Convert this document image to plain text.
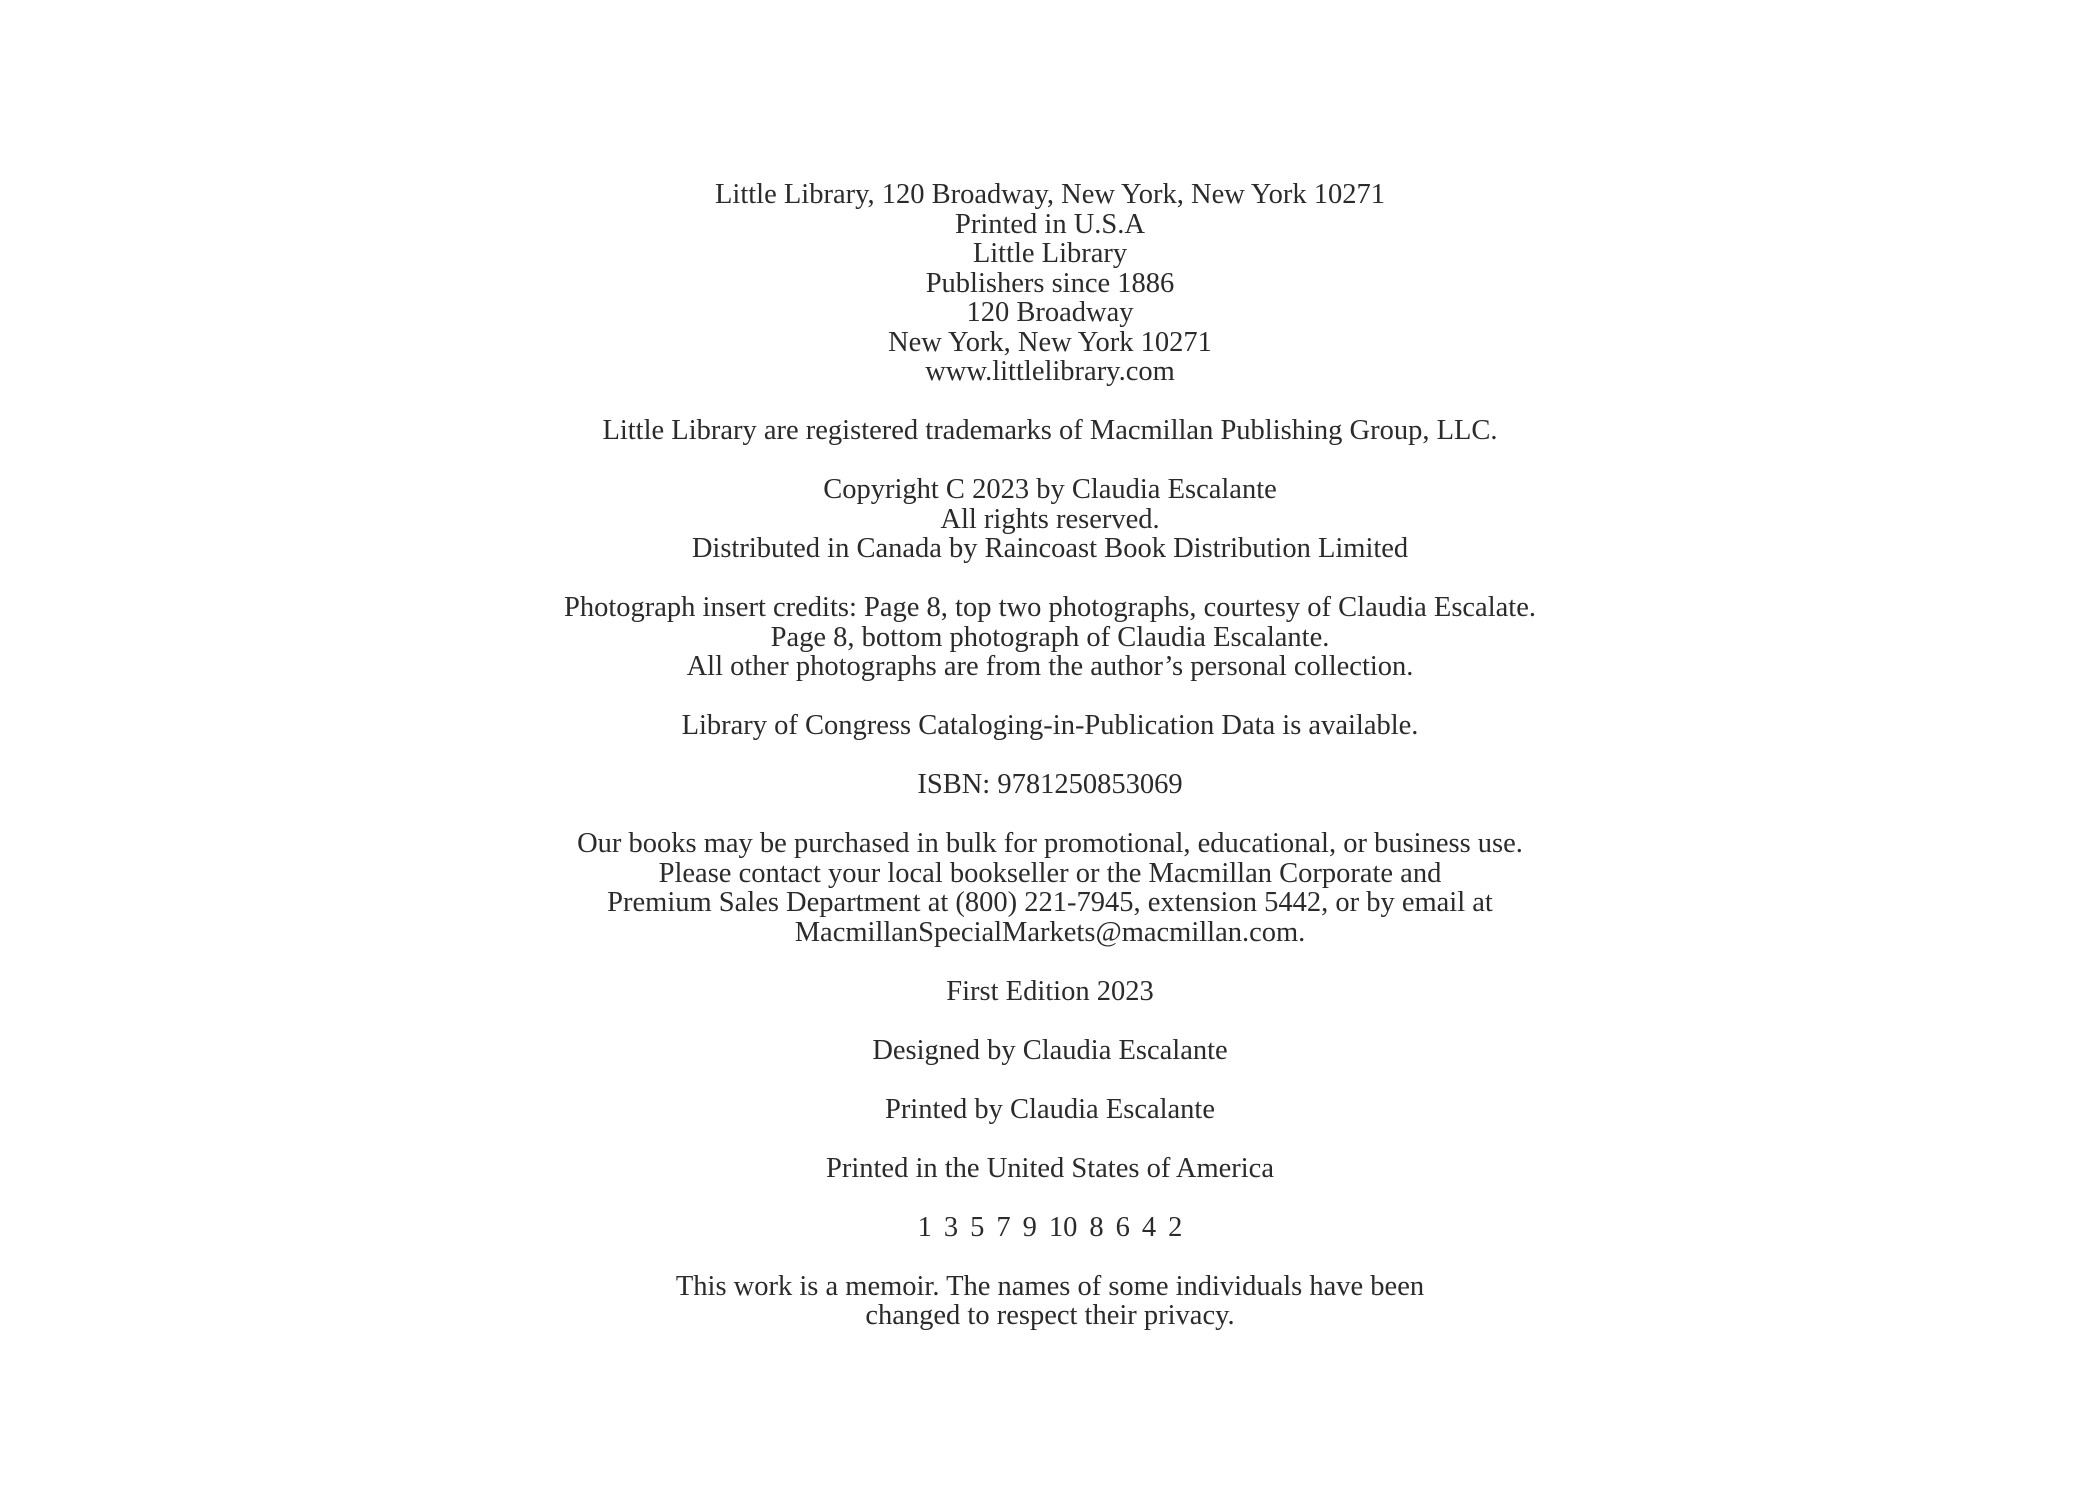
Little Library, 120 Broadway, New York, New York 10271
Printed in U.S.A
Little Library
Publishers since 1886
120 Broadway
New York, New York 10271
www.littlelibrary.com
Little Library are registered trademarks of Macmillan Publishing Group, LLC.
Copyright C 2023 by Claudia Escalante
All rights reserved.
Distributed in Canada by Raincoast Book Distribution Limited
Photograph insert credits: Page 8, top two photographs, courtesy of Claudia Escalate.
Page 8, bottom photograph of Claudia Escalante.
All other photographs are from the author’s personal collection.
Library of Congress Cataloging-in-Publication Data is available.
ISBN: 9781250853069
Our books may be purchased in bulk for promotional, educational, or business use.
Please contact your local bookseller or the Macmillan Corporate and
Premium Sales Department at (800) 221-7945, extension 5442, or by email at
MacmillanSpecialMarkets@macmillan.com.
First Edition 2023
Designed by Claudia Escalante
Printed by Claudia Escalante
Printed in the United States of America
1 3 5 7 9 10 8 6 4 2
This work is a memoir. The names of some individuals have been
changed to respect their privacy.
